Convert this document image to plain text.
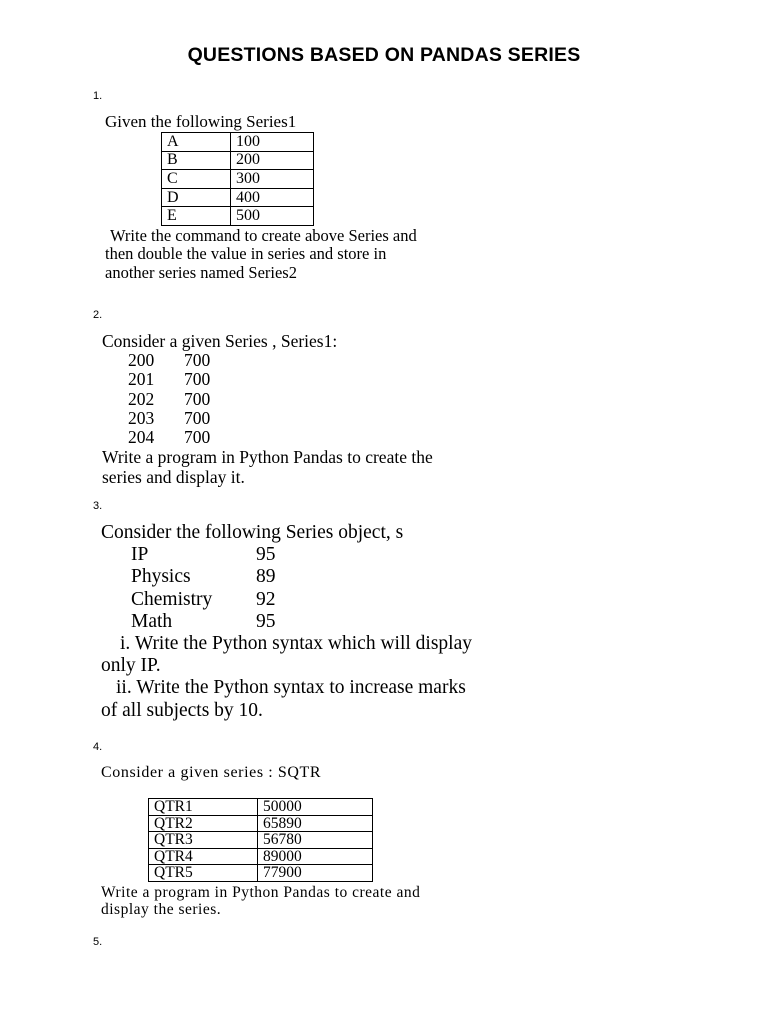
QUESTIONS BASED ON PANDAS SERIES
1.
Given the following Series1
A	100
B	200
C	300
D	400
E	500
Write the command to create above Series and
then double the value in series and store in
another series named Series2
2.
Consider a given Series , Series1:
200 700
201 700
202 700
203 700
204 700
Write a program in Python Pandas to create the
series and display it.
3.
Consider the following Series object, s
IP	95
Physics	89
Chemistry 92
Math	95
i. Write the Python syntax which will display
only IP.
ii. Write the Python syntax to increase marks
of all subjects by 10.
4.
Consider a given series : SQTR
QTR1	50000
QTR2	65890
QTR3	56780
QTR4	89000
QTR5	77900
Write a program in Python Pandas to create and
display the series.
5.
